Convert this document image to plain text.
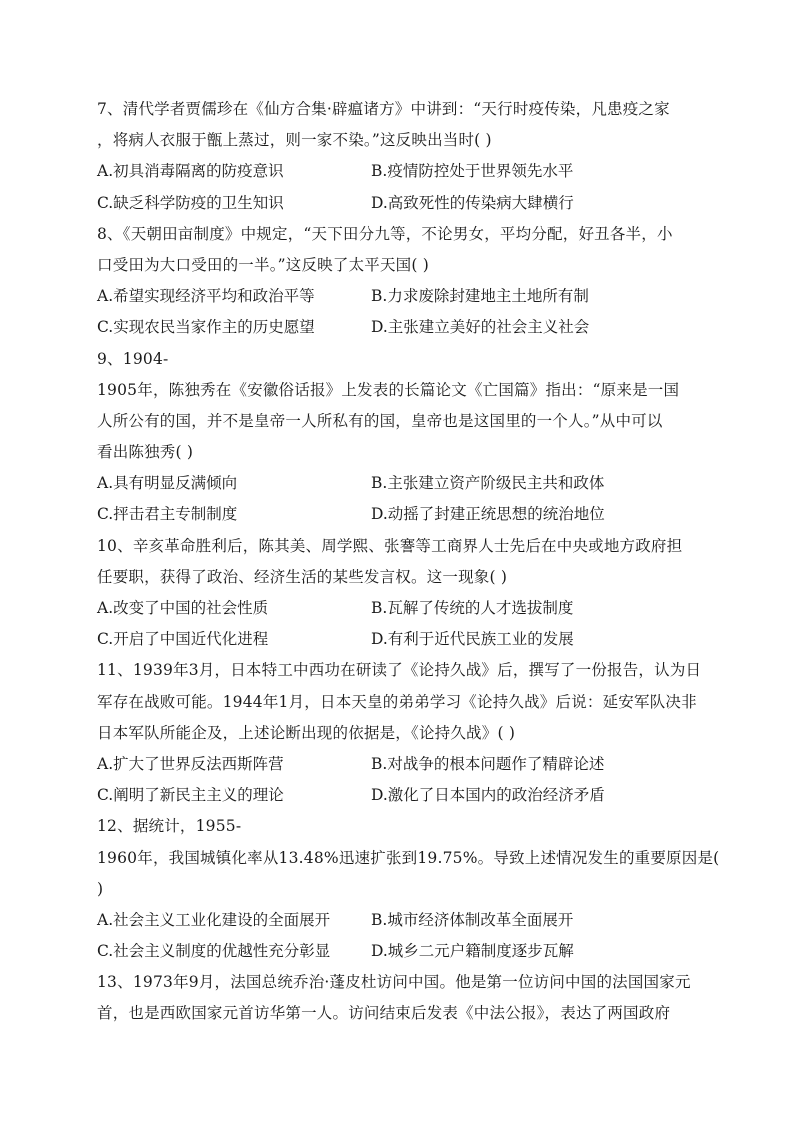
7、清代学者贾儒珍在《仙方合集·辟瘟诸方》中讲到：“天行时疫传染，凡患疫之家
，将病人衣服于甑上蒸过，则一家不染。”这反映出当时( )
A.初具消毒隔离的防疫意识	B.疫情防控处于世界领先水平
C.缺乏科学防疫的卫生知识	D.高致死性的传染病大肆横行
8、《天朝田亩制度》中规定，“天下田分九等，不论男女，平均分配，好丑各半，小
口受田为大口受田的一半。”这反映了太平天国( )
A.希望实现经济平均和政治平等	B.力求废除封建地主土地所有制
C.实现农民当家作主的历史愿望	D.主张建立美好的社会主义社会
9、1904-
1905年，陈独秀在《安徽俗话报》上发表的长篇论文《亡国篇》指出：“原来是一国
人所公有的国，并不是皇帝一人所私有的国，皇帝也是这国里的一个人。”从中可以
看出陈独秀( )
A.具有明显反满倾向	B.主张建立资产阶级民主共和政体
C.抨击君主专制制度	D.动摇了封建正统思想的统治地位
10、辛亥革命胜利后，陈其美、周学熙、张謇等工商界人士先后在中央或地方政府担
任要职，获得了政治、经济生活的某些发言权。这一现象( )
A.改变了中国的社会性质	B.瓦解了传统的人才选拔制度
C.开启了中国近代化进程	D.有利于近代民族工业的发展
11、1939年3月，日本特工中西功在研读了《论持久战》后，撰写了一份报告，认为日
军存在战败可能。1944年1月，日本天皇的弟弟学习《论持久战》后说：延安军队决非
日本军队所能企及，上述论断出现的依据是，《论持久战》( )
A.扩大了世界反法西斯阵营	B.对战争的根本问题作了精辟论述
C.阐明了新民主主义的理论	D.激化了日本国内的政治经济矛盾
12、据统计，1955-
1960年，我国城镇化率从13.48%迅速扩张到19.75%。导致上述情况发生的重要原因是(
)
A.社会主义工业化建设的全面展开	B.城市经济体制改革全面展开
C.社会主义制度的优越性充分彰显	D.城乡二元户籍制度逐步瓦解
13、1973年9月，法国总统乔治·蓬皮杜访问中国。他是第一位访问中国的法国国家元
首，也是西欧国家元首访华第一人。访问结束后发表《中法公报》，表达了两国政府
